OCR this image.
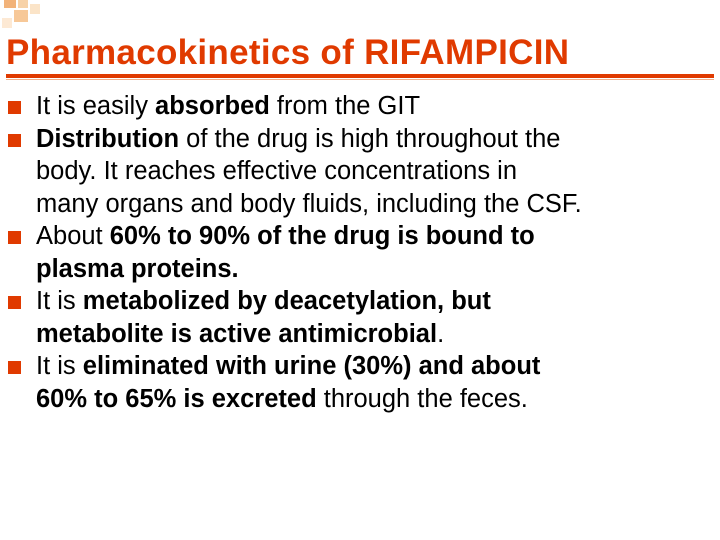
Pharmacokinetics of RIFAMPICIN
It is easily absorbed from the GIT
Distribution of the drug is high throughout the
body. It reaches effective concentrations in
many organs and body fluids, including the CSF.
About 60% to 90% of the drug is bound to
plasma proteins.
It is metabolized by deacetylation, but
metabolite is active antimicrobial.
It is eliminated with urine (30%) and about
60% to 65% is excreted through the feces.
